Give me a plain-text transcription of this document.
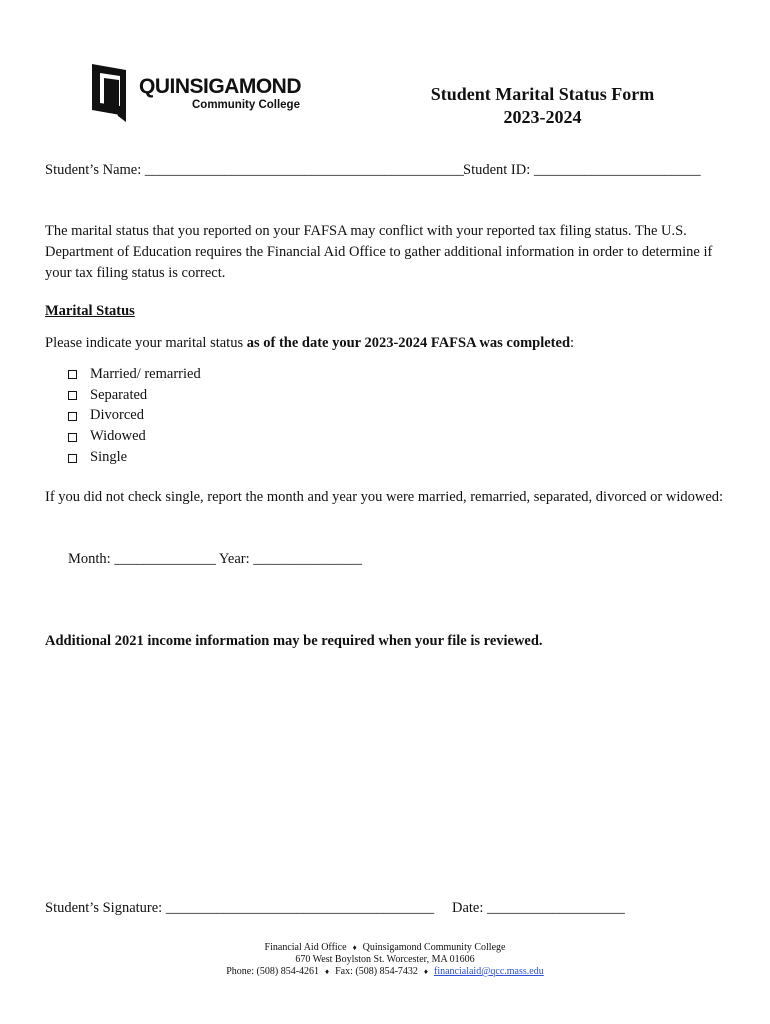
QUINSIGAMOND
Community College
Student Marital Status Form
2023-2024
Student’s Name: ____________________________________________ Student ID: _______________________
The marital status that you reported on your FAFSA may conflict with your reported tax filing status. The U.S. Department of Education requires the Financial Aid Office to gather additional information in order to determine if your tax filing status is correct.
Marital Status
Please indicate your marital status as of the date your 2023-2024 FAFSA was completed:
Married/ remarried
Separated
Divorced
Widowed
Single
If you did not check single, report the month and year you were married, remarried, separated, divorced or widowed:
Month: ______________ Year: _______________
Additional 2021 income information may be required when your file is reviewed.
Student’s Signature: _____________________________________ Date: ___________________
Financial Aid Office ♦ Quinsigamond Community College
670 West Boylston St. Worcester, MA 01606
Phone: (508) 854-4261 ♦ Fax: (508) 854-7432 ♦ financialaid@qcc.mass.edu
